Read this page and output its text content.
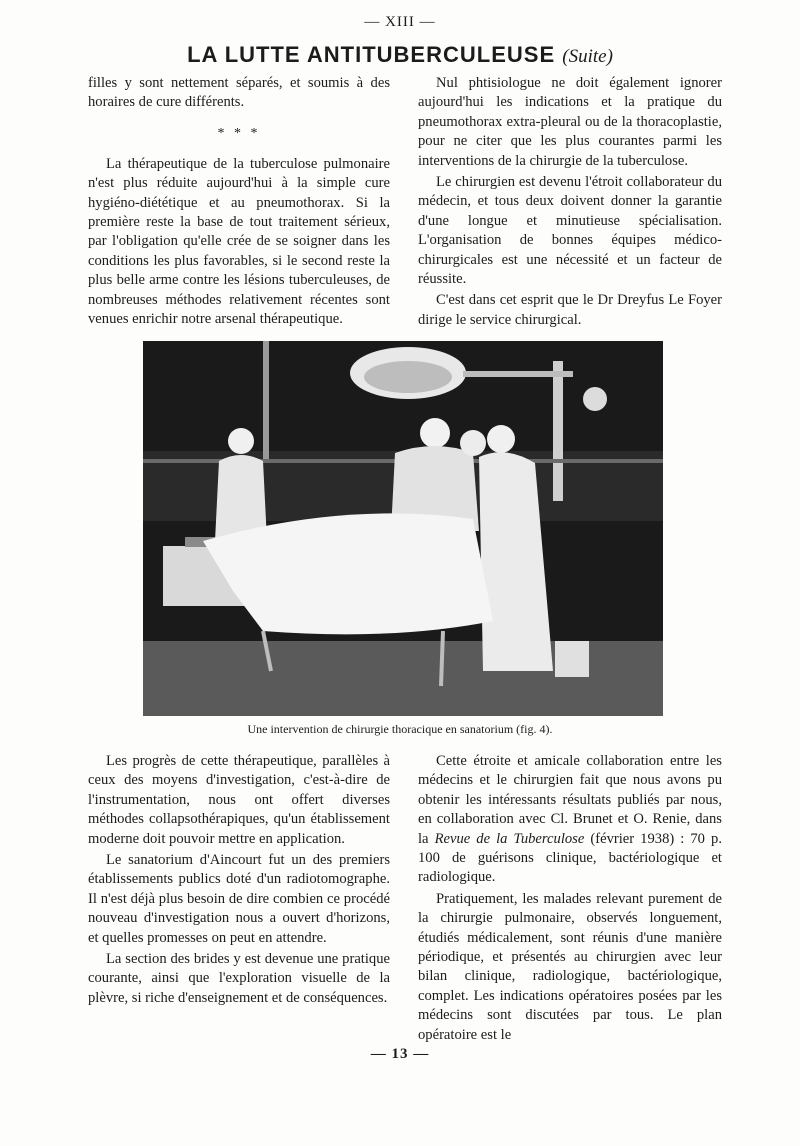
— XIII —
LA LUTTE ANTITUBERCULEUSE (Suite)

filles y sont nettement séparés, et soumis à des horaires de cure différents.

* * *

La thérapeutique de la tuberculose pulmonaire n'est plus réduite aujourd'hui à la simple cure hygiéno-diététique et au pneumothorax. Si la première reste la base de tout traitement sérieux, par l'obligation qu'elle crée de se soigner dans les conditions les plus favorables, si le second reste la plus belle arme contre les lésions tuberculeuses, de nombreuses méthodes relativement récentes sont venues enrichir notre arsenal thérapeutique.

Nul phtisiologue ne doit également ignorer aujourd'hui les indications et la pratique du pneumothorax extra-pleural ou de la thoracoplastie, pour ne citer que les plus courantes parmi les interventions de la chirurgie de la tuberculose.

Le chirurgien est devenu l'étroit collaborateur du médecin, et tous deux doivent donner la garantie d'une longue et minutieuse spécialisation. L'organisation de bonnes équipes médico-chirurgicales est une nécessité et un facteur de réussite.

C'est dans cet esprit que le Dr Dreyfus Le Foyer dirige le service chirurgical.

Une intervention de chirurgie thoracique en sanatorium (fig. 4).

Les progrès de cette thérapeutique, parallèles à ceux des moyens d'investigation, c'est-à-dire de l'instrumentation, nous ont offert diverses méthodes collapsothérapiques, qu'un établissement moderne doit pouvoir mettre en application.

Le sanatorium d'Aincourt fut un des premiers établissements publics doté d'un radiotomographe. Il n'est déjà plus besoin de dire combien ce procédé nouveau d'investigation nous a ouvert d'horizons, et quelles promesses on peut en attendre.

La section des brides y est devenue une pratique courante, ainsi que l'exploration visuelle de la plèvre, si riche d'enseignement et de conséquences.

Cette étroite et amicale collaboration entre les médecins et le chirurgien fait que nous avons pu obtenir les intéressants résultats publiés par nous, en collaboration avec Cl. Brunet et O. Renie, dans la Revue de la Tuberculose (février 1938) : 70 p. 100 de guérisons clinique, bactériologique et radiologique.

Pratiquement, les malades relevant purement de la chirurgie pulmonaire, observés longuement, étudiés médicalement, sont réunis d'une manière périodique, et présentés au chirurgien avec leur bilan clinique, radiologique, bactériologique, complet. Les indications opératoires posées par les médecins sont discutées par tous. Le plan opératoire est le

— 13 —
